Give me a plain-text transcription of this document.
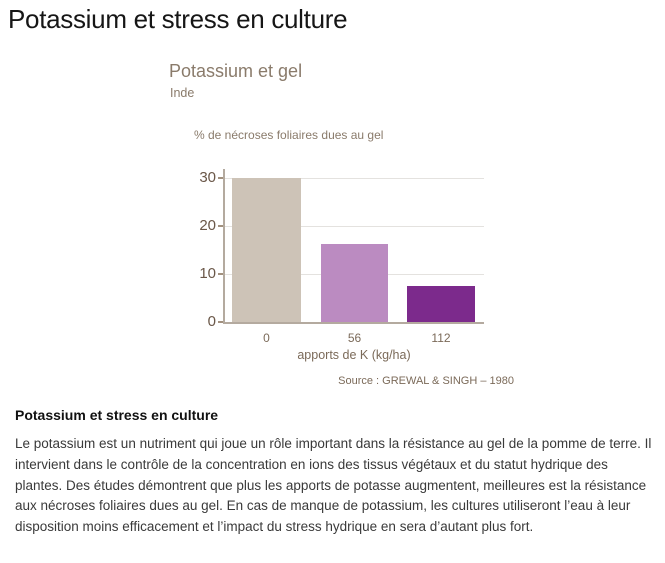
Potassium et stress en culture
Potassium et gel
Inde
% de nécroses foliaires dues au gel
0
10
20
30
0	56	112
apports de K (kg/ha)
Source : GREWAL & SINGH – 1980
Potassium et stress en culture

Le potassium est un nutriment qui joue un rôle important dans la résistance au gel de la pomme de terre. Il intervient dans le contrôle de la concentration en ions des tissus végétaux et du statut hydrique des plantes. Des études démontrent que plus les apports de potasse augmentent, meilleures est la résistance aux nécroses foliaires dues au gel. En cas de manque de potassium, les cultures utiliseront l’eau à leur disposition moins efficacement et l’impact du stress hydrique en sera d’autant plus fort.
